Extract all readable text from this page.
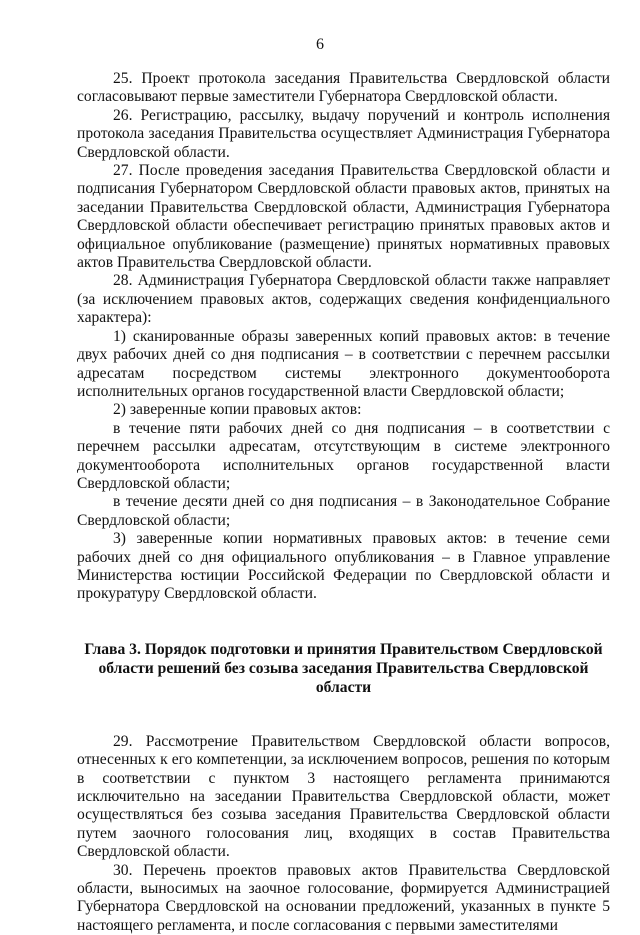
6

25. Проект протокола заседания Правительства Свердловской области согласовывают первые заместители Губернатора Свердловской области.

26. Регистрацию, рассылку, выдачу поручений и контроль исполнения протокола заседания Правительства осуществляет Администрация Губернатора Свердловской области.

27. После проведения заседания Правительства Свердловской области и подписания Губернатором Свердловской области правовых актов, принятых на заседании Правительства Свердловской области, Администрация Губернатора Свердловской области обеспечивает регистрацию принятых правовых актов и официальное опубликование (размещение) принятых нормативных правовых актов Правительства Свердловской области.

28. Администрация Губернатора Свердловской области также направляет (за исключением правовых актов, содержащих сведения конфиденциального характера):

1) сканированные образы заверенных копий правовых актов: в течение двух рабочих дней со дня подписания – в соответствии с перечнем рассылки адресатам посредством системы электронного документооборота исполнительных органов государственной власти Свердловской области;

2) заверенные копии правовых актов:

в течение пяти рабочих дней со дня подписания – в соответствии с перечнем рассылки адресатам, отсутствующим в системе электронного документооборота исполнительных органов государственной власти Свердловской области;

в течение десяти дней со дня подписания – в Законодательное Собрание Свердловской области;

3) заверенные копии нормативных правовых актов: в течение семи рабочих дней со дня официального опубликования – в Главное управление Министерства юстиции Российской Федерации по Свердловской области и прокуратуру Свердловской области.

Глава 3. Порядок подготовки и принятия Правительством Свердловской области решений без созыва заседания Правительства Свердловской области

29. Рассмотрение Правительством Свердловской области вопросов, отнесенных к его компетенции, за исключением вопросов, решения по которым в соответствии с пунктом 3 настоящего регламента принимаются исключительно на заседании Правительства Свердловской области, может осуществляться без созыва заседания Правительства Свердловской области путем заочного голосования лиц, входящих в состав Правительства Свердловской области.

30. Перечень проектов правовых актов Правительства Свердловской области, выносимых на заочное голосование, формируется Администрацией Губернатора Свердловской на основании предложений, указанных в пункте 5 настоящего регламента, и после согласования с первыми заместителями
